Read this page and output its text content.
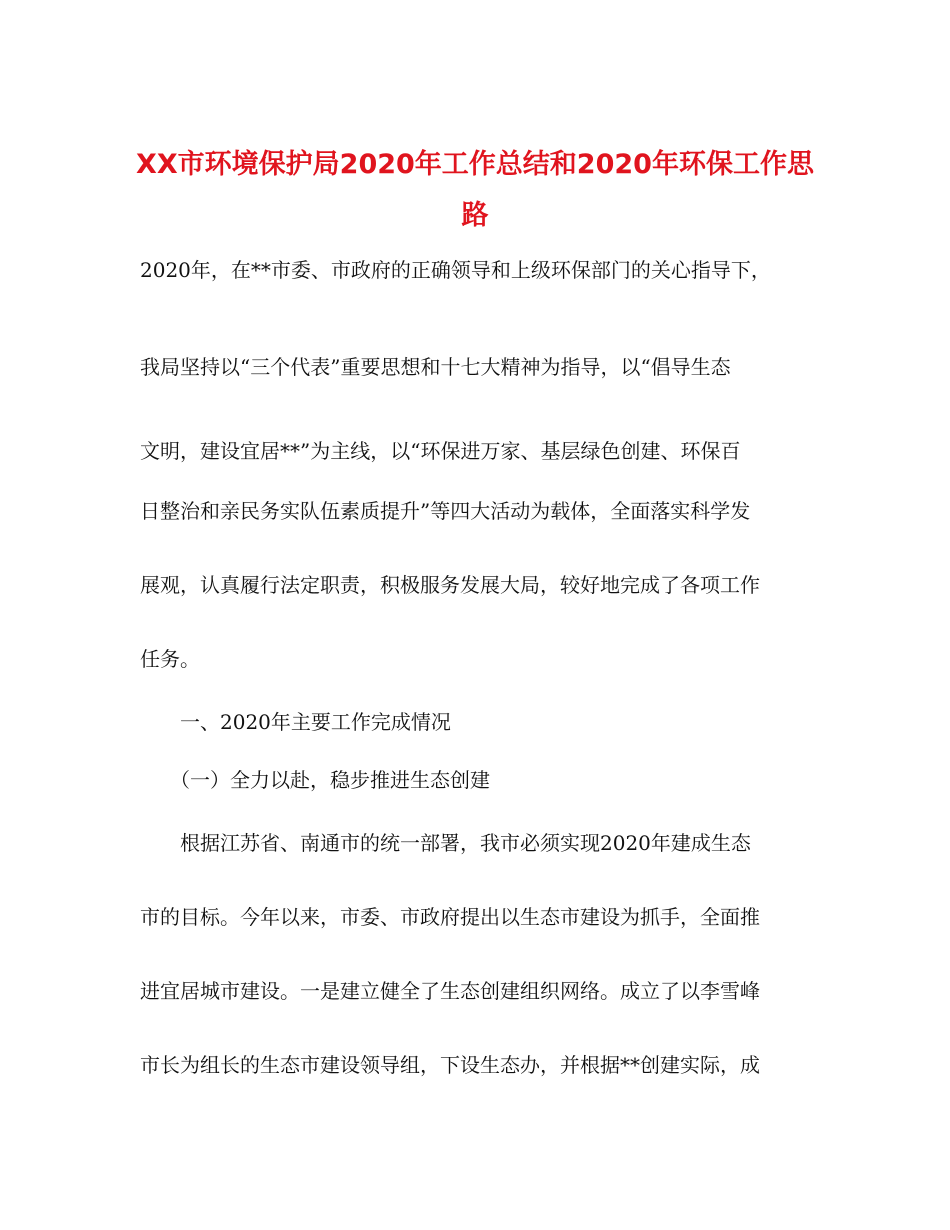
XX市环境保护局2020年工作总结和2020年环保工作思
路
2020年，在**市委、市政府的正确领导和上级环保部门的关心指导下，
我局坚持以“三个代表”重要思想和十七大精神为指导，以“倡导生态
文明，建设宜居**”为主线，以“环保进万家、基层绿色创建、环保百
日整治和亲民务实队伍素质提升”等四大活动为载体，全面落实科学发
展观，认真履行法定职责，积极服务发展大局，较好地完成了各项工作
任务。
一、2020年主要工作完成情况
（一）全力以赴，稳步推进生态创建
根据江苏省、南通市的统一部署，我市必须实现2020年建成生态
市的目标。今年以来，市委、市政府提出以生态市建设为抓手，全面推
进宜居城市建设。一是建立健全了生态创建组织网络。成立了以李雪峰
市长为组长的生态市建设领导组，下设生态办，并根据**创建实际，成
